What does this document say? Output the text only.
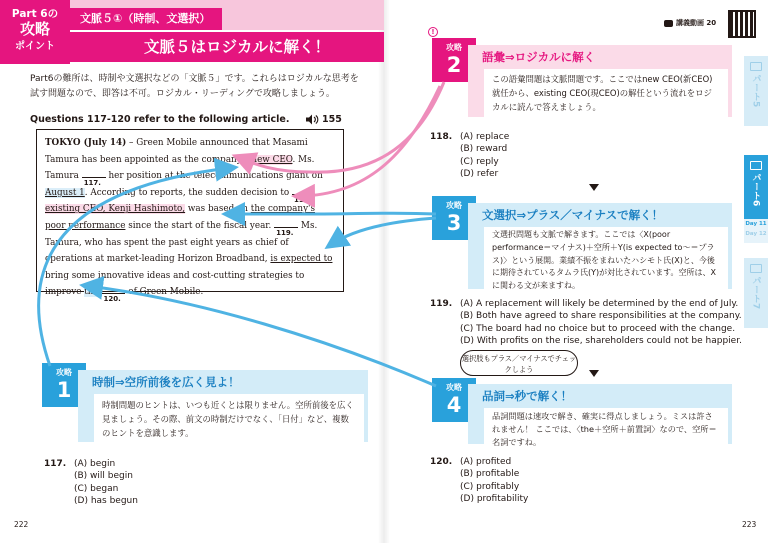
Part 6の
攻略
ポイント
文脈５①（時制、文選択）
文脈５はロジカルに解く！
Part6の難所は、時制や文選択などの「文脈５」です。これらはロジカルな思考を試す問題なので、即答は不可。ロジカル・リーディングで攻略しましょう。
Questions 117-120 refer to the following article.	155

TOKYO (July 14) – Green Mobile announced that Masami Tamura has been appointed as the company's new CEO. Ms. Tamura
117.
her position at the telecommunications giant on August 1. According to reports, the sudden decision to
118.
existing CEO, Kenji Hashimoto, was based on the company's poor performance since the start of the fiscal year.
119.
Ms. Tamura, who has spent the past eight years as chief of operations at market-leading Horizon Broadband, is expected to bring some innovative ideas and cost-cutting strategies to improve the
120.
of Green Mobile.

攻略
1	時制⇒空所前後を広く見よ！
時制問題のヒントは、いつも近くとは限りません。空所前後を広く見ましょう。その際、前文の時制だけでなく、「日付」など、複数のヒントを意識します。
117. (A) begin
(B) will begin
(C) began
(D) has begun
222
講義動画 20
!
攻略
2	語彙⇒ロジカルに解く
この語彙問題は文脈問題です。ここではnew CEO(新CEO)就任から、existing CEO(現CEO)の解任という流れをロジカルに読んで答えましょう。
118. (A) replace
(B) reward
(C) reply
(D) refer
攻略
3	文選択⇒プラス／マイナスで解く！
文選択問題も文脈で解きます。ここでは〈X(poor performance＝マイナス)＋空所＋Y(is expected to～＝プラス)〉という展開。業績不振をまねいたハシモト氏(X)と、今後に期待されているタムラ氏(Y)が対比されています。空所は、Xに関わる文が来ますね。
119. (A) A replacement will likely be determined by the end of July.
(B) Both have agreed to share responsibilities at the company.
(C) The board had no choice but to proceed with the change.
(D) With profits on the rise, shareholders could not be happier.
選択肢もプラス／マイナスでチェックしよう
攻略
4	品詞⇒秒で解く！
品詞問題は速攻で解き、確実に得点しましょう。ミスは許されません！ ここでは、〈the＋空所＋前置詞〉なので、空所＝名詞ですね。
120. (A) profited
(B) profitable
(C) profitably
(D) profitability
223
パート5
パート6
Day 11
Day 12
パート7
